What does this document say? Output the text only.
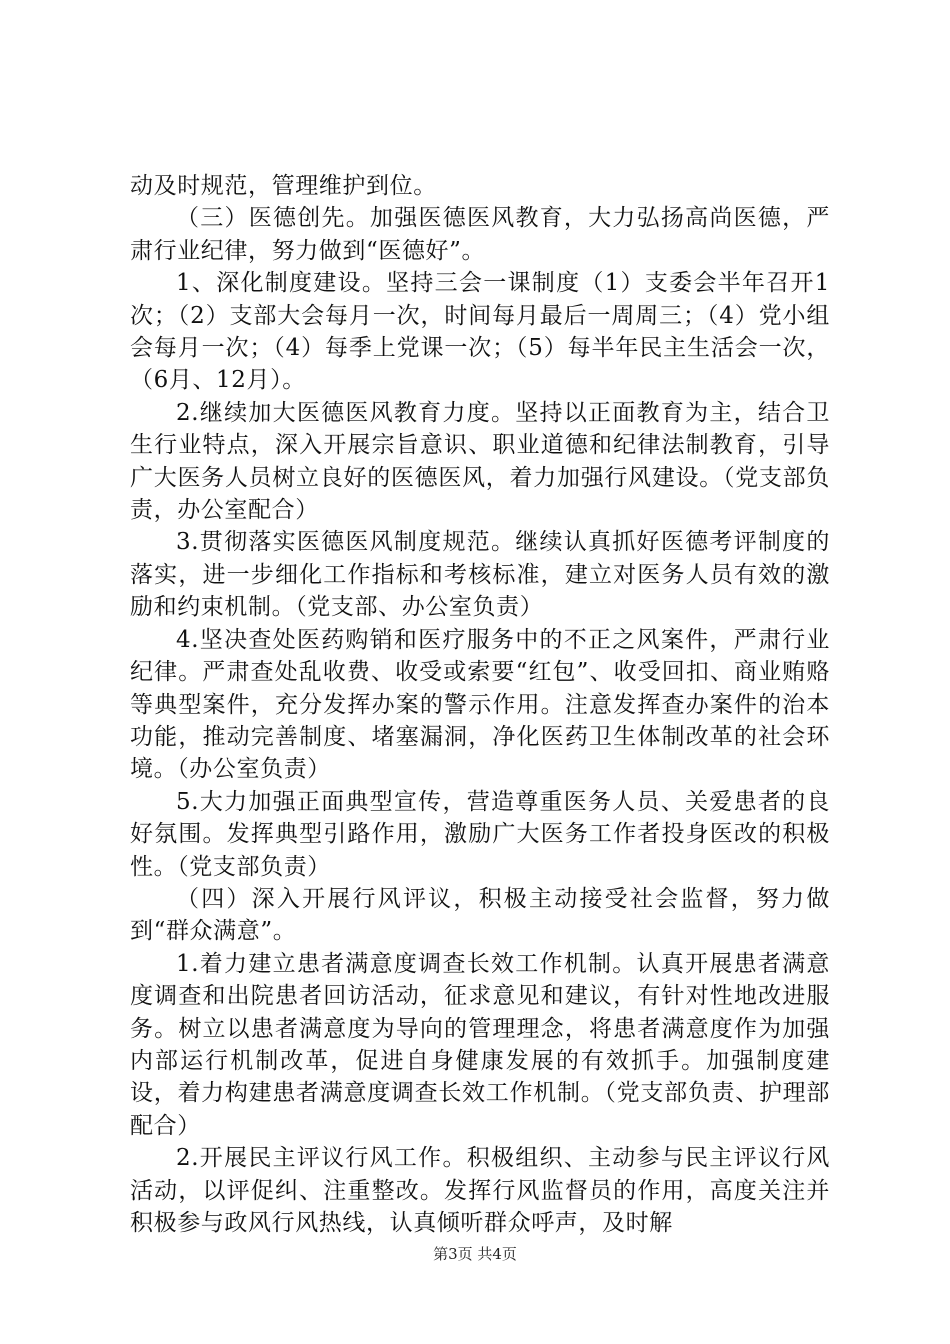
动及时规范，管理维护到位。

（三）医德创先。加强医德医风教育，大力弘扬高尚医德，严肃行业纪律，努力做到“医德好”。

1、深化制度建设。坚持三会一课制度（1）支委会半年召开1次；（2）支部大会每月一次，时间每月最后一周周三；（4）党小组会每月一次；（4）每季上党课一次；（5）每半年民主生活会一次，（6月、12月）。

2.继续加大医德医风教育力度。坚持以正面教育为主，结合卫生行业特点，深入开展宗旨意识、职业道德和纪律法制教育，引导广大医务人员树立良好的医德医风，着力加强行风建设。（党支部负责，办公室配合）

3.贯彻落实医德医风制度规范。继续认真抓好医德考评制度的落实，进一步细化工作指标和考核标准，建立对医务人员有效的激励和约束机制。（党支部、办公室负责）

4.坚决查处医药购销和医疗服务中的不正之风案件，严肃行业纪律。严肃查处乱收费、收受或索要“红包”、收受回扣、商业贿赂等典型案件，充分发挥办案的警示作用。注意发挥查办案件的治本功能，推动完善制度、堵塞漏洞，净化医药卫生体制改革的社会环境。（办公室负责）

5.大力加强正面典型宣传，营造尊重医务人员、关爱患者的良好氛围。发挥典型引路作用，激励广大医务工作者投身医改的积极性。（党支部负责）

（四）深入开展行风评议，积极主动接受社会监督，努力做到“群众满意”。

1.着力建立患者满意度调查长效工作机制。认真开展患者满意度调查和出院患者回访活动，征求意见和建议，有针对性地改进服务。树立以患者满意度为导向的管理理念，将患者满意度作为加强内部运行机制改革，促进自身健康发展的有效抓手。加强制度建设，着力构建患者满意度调查长效工作机制。（党支部负责、护理部配合）

2.开展民主评议行风工作。积极组织、主动参与民主评议行风活动，以评促纠、注重整改。发挥行风监督员的作用，高度关注并积极参与政风行风热线，认真倾听群众呼声，及时解

第3页 共4页
